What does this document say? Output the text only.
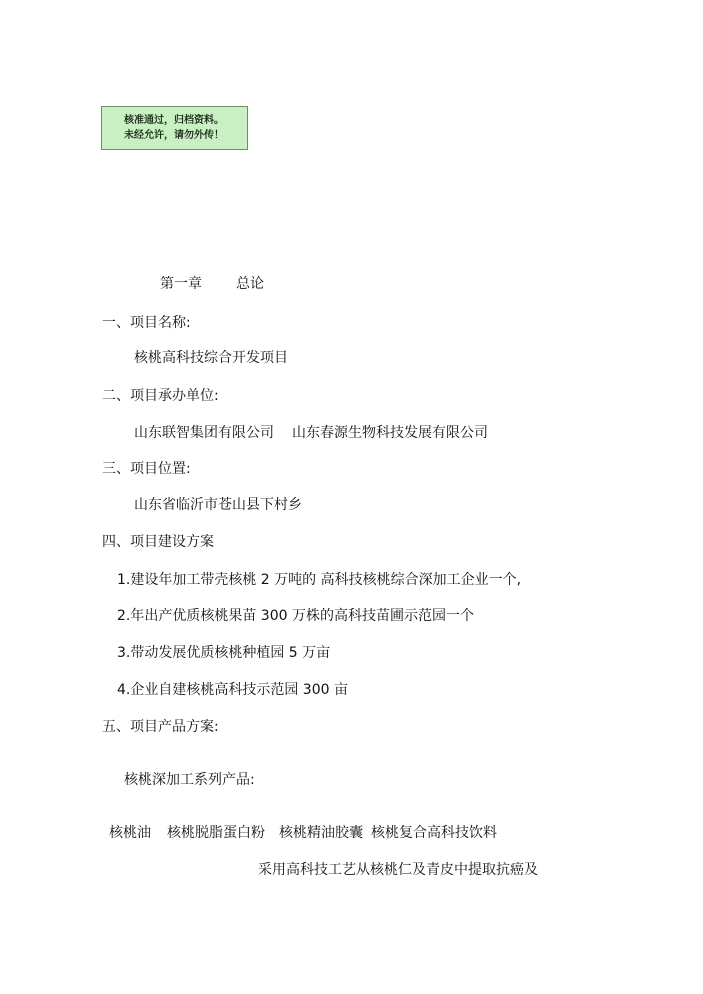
核准通过，归档资料。
未经允许，请勿外传！
第一章 总论
一、项目名称:
核桃高科技综合开发项目
二、项目承办单位:
山东联智集团有限公司 山东春源生物科技发展有限公司
三、项目位置:
山东省临沂市苍山县下村乡
四、项目建设方案
1.建设年加工带壳核桃 2 万吨的 高科技核桃综合深加工企业一个,
2.年出产优质核桃果苗 300 万株的高科技苗圃示范园一个
3.带动发展优质核桃种植园 5 万亩
4.企业自建核桃高科技示范园 300 亩
五、项目产品方案:
核桃深加工系列产品:
核桃油 核桃脱脂蛋白粉 核桃精油胶囊 核桃复合高科技饮料
采用高科技工艺从核桃仁及青皮中提取抗癌及
